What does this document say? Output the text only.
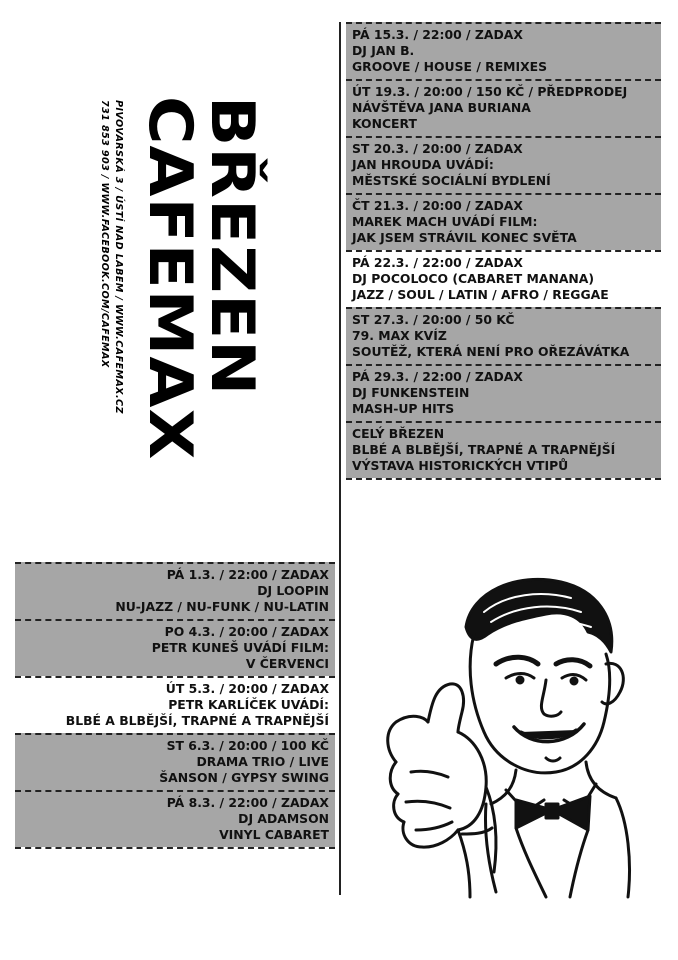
BŘEZEN
CAFEMAX
PIVOVARSKÁ 3 / ÚSTÍ NAD LABEM / WWW.CAFEMAX.CZ
731 853 903 / WWW.FACEBOOK.COM/CAFEMAX
PÁ 15.3. / 22:00 / ZADAX
DJ JAN B.
GROOVE / HOUSE / REMIXES
ÚT 19.3. / 20:00 / 150 KČ / PŘEDPRODEJ
NÁVŠTĚVA JANA BURIANA
KONCERT
ST 20.3. / 20:00 / ZADAX
JAN HROUDA UVÁDÍ:
MĚSTSKÉ SOCIÁLNÍ BYDLENÍ
ČT 21.3. / 20:00 / ZADAX
MAREK MACH UVÁDÍ FILM:
JAK JSEM STRÁVIL KONEC SVĚTA
PÁ 22.3. / 22:00 / ZADAX
DJ POCOLOCO (CABARET MANANA)
JAZZ / SOUL / LATIN / AFRO / REGGAE
ST 27.3. / 20:00 / 50 KČ
79. MAX KVÍZ
SOUTĚŽ, KTERÁ NENÍ PRO OŘEZÁVÁTKA
PÁ 29.3. / 22:00 / ZADAX
DJ FUNKENSTEIN
MASH-UP HITS
CELÝ BŘEZEN
BLBÉ A BLBĚJŠÍ, TRAPNÉ A TRAPNĚJŠÍ
VÝSTAVA HISTORICKÝCH VTIPŮ
PÁ 1.3. / 22:00 / ZADAX
DJ LOOPIN
NU-JAZZ / NU-FUNK / NU-LATIN
PO 4.3. / 20:00 / ZADAX
PETR KUNEŠ UVÁDÍ FILM:
V ČERVENCI
ÚT 5.3. / 20:00 / ZADAX
PETR KARLÍČEK UVÁDÍ:
BLBÉ A BLBĚJŠÍ, TRAPNÉ A TRAPNĚJŠÍ
ST 6.3. / 20:00 / 100 KČ
DRAMA TRIO / LIVE
ŠANSON / GYPSY SWING
PÁ 8.3. / 22:00 / ZADAX
DJ ADAMSON
VINYL CABARET
